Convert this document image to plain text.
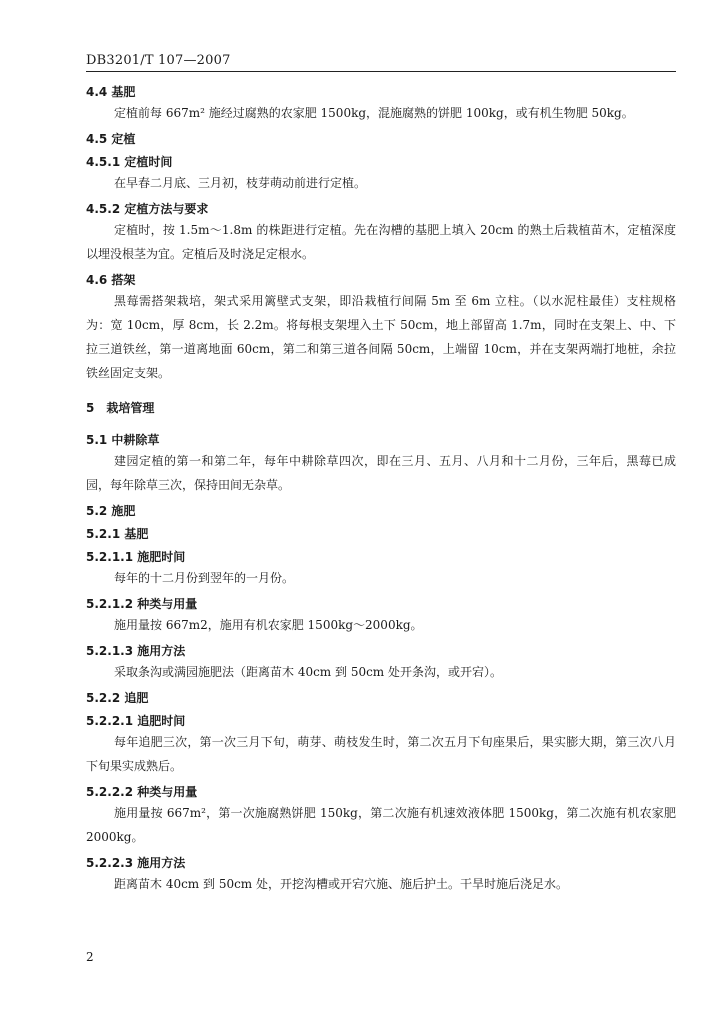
DB3201/T 107—2007
4.4 基肥

定植前每 667m² 施经过腐熟的农家肥 1500kg，混施腐熟的饼肥 100kg，或有机生物肥 50kg。

4.5 定植
4.5.1 定植时间

在早春二月底、三月初，枝芽萌动前进行定植。

4.5.2 定植方法与要求

定植时，按 1.5m～1.8m 的株距进行定植。先在沟槽的基肥上填入 20cm 的熟土后栽植苗木，定植深度以埋没根茎为宜。定植后及时浇足定根水。

4.6 搭架

黑莓需搭架栽培，架式采用篱壁式支架，即沿栽植行间隔 5m 至 6m 立柱。（以水泥柱最佳）支柱规格为：宽 10cm，厚 8cm，长 2.2m。将每根支架埋入土下 50cm，地上部留高 1.7m，同时在支架上、中、下拉三道铁丝，第一道离地面 60cm，第二和第三道各间隔 50cm，上端留 10cm，并在支架两端打地桩，余拉铁丝固定支架。

5　栽培管理
5.1 中耕除草

建园定植的第一和第二年，每年中耕除草四次，即在三月、五月、八月和十二月份，三年后，黑莓已成园，每年除草三次，保持田间无杂草。

5.2 施肥
5.2.1 基肥
5.2.1.1 施肥时间

每年的十二月份到翌年的一月份。

5.2.1.2 种类与用量

施用量按 667m2，施用有机农家肥 1500kg～2000kg。

5.2.1.3 施用方法

采取条沟或满园施肥法（距离苗木 40cm 到 50cm 处开条沟，或开宕）。

5.2.2 追肥
5.2.2.1 追肥时间

每年追肥三次，第一次三月下旬，萌芽、萌枝发生时，第二次五月下旬座果后，果实膨大期，第三次八月下旬果实成熟后。

5.2.2.2 种类与用量

施用量按 667m²，第一次施腐熟饼肥 150kg，第二次施有机速效液体肥 1500kg，第二次施有机农家肥 2000kg。

5.2.2.3 施用方法

距离苗木 40cm 到 50cm 处，开挖沟槽或开宕穴施、施后护土。干旱时施后浇足水。

2
